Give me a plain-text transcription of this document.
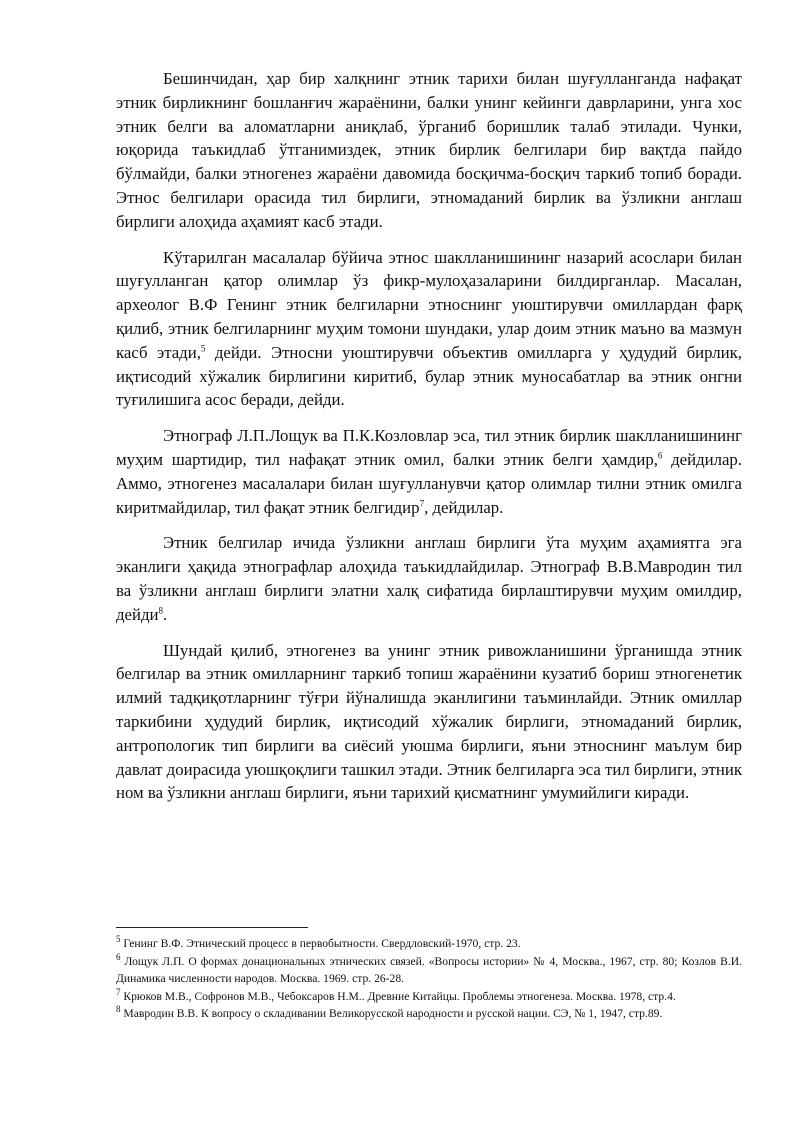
Бешинчидан, ҳар бир халқнинг этник тарихи билан шуғулланганда нафақат этник бирликнинг бошланғич жараёнини, балки унинг кейинги даврларини, унга хос этник белги ва аломатларни аниқлаб, ўрганиб боришлик талаб этилади. Чунки, юқорида таъкидлаб ўтганимиздек, этник бирлик белгилари бир вақтда пайдо бўлмайди, балки этногенез жараёни давомида босқичма-босқич таркиб топиб боради. Этнос белгилари орасида тил бирлиги, этномаданий бирлик ва ўзликни англаш бирлиги алоҳида аҳамият касб этади.

Кўтарилган масалалар бўйича этнос шаклланишининг назарий асослари билан шуғулланган қатор олимлар ўз фикр-мулоҳазаларини билдирганлар. Масалан, археолог В.Ф Генинг этник белгиларни этноснинг уюштирувчи омиллардан фарқ қилиб, этник белгиларнинг муҳим томони шундаки, улар доим этник маъно ва мазмун касб этади,$^5$ дейди. Этносни уюштирувчи объектив омилларга у ҳудудий бирлик, иқтисодий хўжалик бирлигини киритиб, булар этник муносабатлар ва этник онгни туғилишига асос беради, дейди.

Этнограф Л.П.Лощук ва П.К.Козловлар эса, тил этник бирлик шаклланишининг муҳим шартидир, тил нафақат этник омил, балки этник белги ҳамдир,$^6$ дейдилар. Аммо, этногенез масалалари билан шуғулланувчи қатор олимлар тилни этник омилга киритмайдилар, тил фақат этник белгидир$^7$, дейдилар.

Этник белгилар ичида ўзликни англаш бирлиги ўта муҳим аҳамиятга эга эканлиги ҳақида этнографлар алоҳида таъкидлайдилар. Этнограф В.В.Мавродин тил ва ўзликни англаш бирлиги элатни халқ сифатида бирлаштирувчи муҳим омилдир, дейди$^8$.

Шундай қилиб, этногенез ва унинг этник ривожланишини ўрганишда этник белгилар ва этник омилларнинг таркиб топиш жараёнини кузатиб бориш этногенетик илмий тадқиқотларнинг тўғри йўналишда эканлигини таъминлайди. Этник омиллар таркибини ҳудудий бирлик, иқтисодий хўжалик бирлиги, этномаданий бирлик, антропологик тип бирлиги ва сиёсий уюшма бирлиги, яъни этноснинг маълум бир давлат доирасида уюшқоқлиги ташкил этади. Этник белгиларга эса тил бирлиги, этник ном ва ўзликни англаш бирлиги, яъни тарихий қисматнинг умумийлиги киради.

$^5$ Генинг В.Ф. Этнический процесс в первобытности. Свердловский-1970, стр. 23.

$^6$ Лощук Л.П. О формах донациональных этнических связей. «Вопросы истории» № 4, Москва., 1967, стр. 80; Козлов В.И. Динамика численности народов. Москва. 1969. стр. 26-28.

$^7$ Крюков М.В., Софронов М.В., Чебоксаров Н.М.. Древние Китайцы. Проблемы этногенеза. Москва. 1978, стр.4.

$^8$ Мавродин В.В. К вопросу о складивании Великорусской народности и русской нации. СЭ, № 1, 1947, стр.89.
